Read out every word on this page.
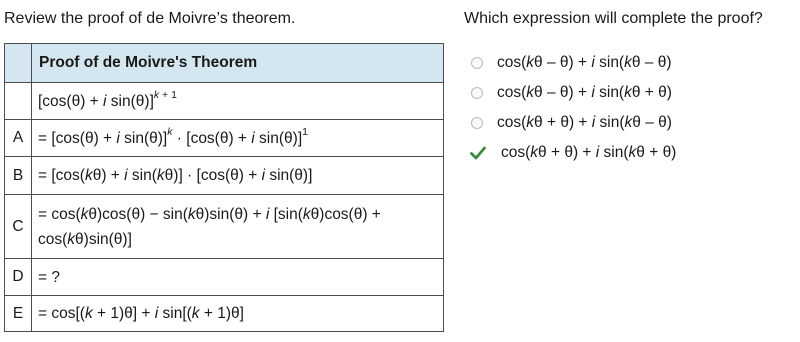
Review the proof of de Moivre’s theorem.	Which expression will complete the proof?
	Proof of de Moivre's Theorem
	[cos(θ) + i sin(θ)]$^{k + 1}$
A	= [cos(θ) + i sin(θ)]$^k$ · [cos(θ) + i sin(θ)]$^1$
B	= [cos(kθ) + i sin(kθ)] · [cos(θ) + i sin(θ)]
C	= cos(kθ)cos(θ) − sin(kθ)sin(θ) + i [sin(kθ)cos(θ) + cos(kθ)sin(θ)]
D	= ?
E	= cos[(k + 1)θ] + i sin[(k + 1)θ]
cos(kθ – θ) + i sin(kθ – θ)
cos(kθ – θ) + i sin(kθ + θ)
cos(kθ + θ) + i sin(kθ – θ)
cos(kθ + θ) + i sin(kθ + θ)
